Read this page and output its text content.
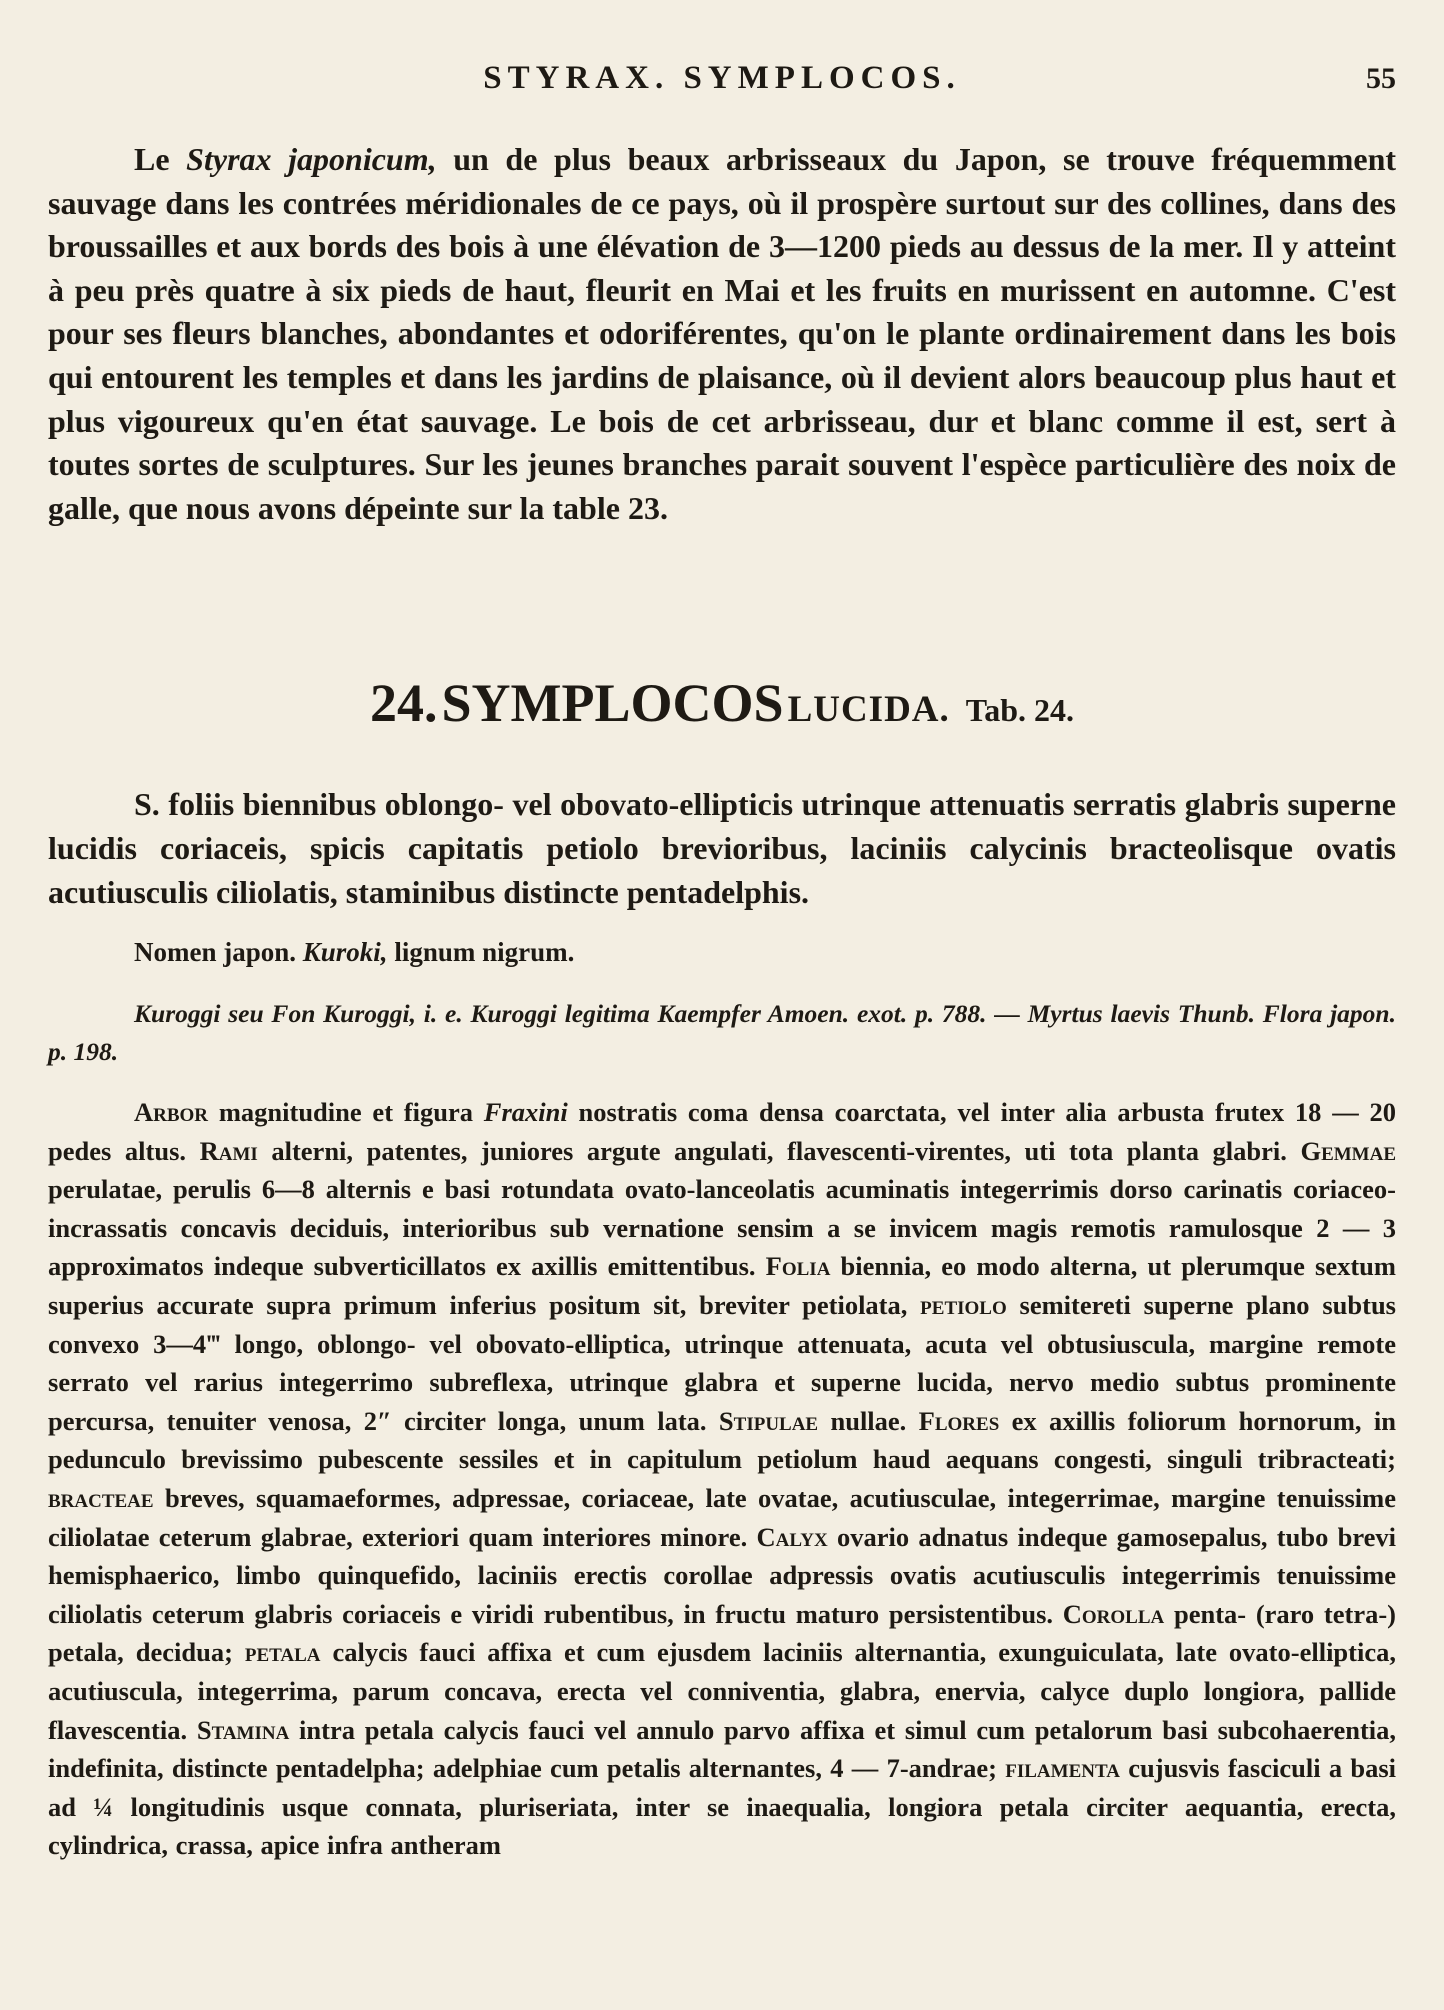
STYRAX. SYMPLOCOS.	55

Le Styrax japonicum, un de plus beaux arbrisseaux du Japon, se trouve fréquemment sauvage dans les contrées méridionales de ce pays, où il prospère surtout sur des collines, dans des broussailles et aux bords des bois à une élévation de 3—1200 pieds au dessus de la mer. Il y atteint à peu près quatre à six pieds de haut, fleurit en Mai et les fruits en murissent en automne. C'est pour ses fleurs blanches, abondantes et odoriférentes, qu'on le plante ordinairement dans les bois qui entourent les temples et dans les jardins de plaisance, où il devient alors beaucoup plus haut et plus vigoureux qu'en état sauvage. Le bois de cet arbrisseau, dur et blanc comme il est, sert à toutes sortes de sculptures. Sur les jeunes branches parait souvent l'espèce particulière des noix de galle, que nous avons dépeinte sur la table 23.

24. SYMPLOCOS LUCIDA. Tab. 24.

S. foliis biennibus oblongo- vel obovato-ellipticis utrinque attenuatis serratis glabris superne lucidis coriaceis, spicis capitatis petiolo brevioribus, laciniis calycinis bracteolisque ovatis acutiusculis ciliolatis, staminibus distincte pentadelphis.

Nomen japon. Kuroki, lignum nigrum.

Kuroggi seu Fon Kuroggi, i. e. Kuroggi legitima Kaempfer Amoen. exot. p. 788. — Myrtus laevis Thunb. Flora japon. p. 198.

Arbor magnitudine et figura Fraxini nostratis coma densa coarctata, vel inter alia arbusta frutex 18 — 20 pedes altus. Rami alterni, patentes, juniores argute angulati, flavescenti-virentes, uti tota planta glabri. Gemmae perulatae, perulis 6—8 alternis e basi rotundata ovato-lanceolatis acuminatis integerrimis dorso carinatis coriaceo-incrassatis concavis deciduis, interioribus sub vernatione sensim a se invicem magis remotis ramulosque 2 — 3 approximatos indeque subverticillatos ex axillis emittentibus. Folia biennia, eo modo alterna, ut plerumque sextum superius accurate supra primum inferius positum sit, breviter petiolata, petiolo semitereti superne plano subtus convexo 3—4‴ longo, oblongo- vel obovato-elliptica, utrinque attenuata, acuta vel obtusiuscula, margine remote serrato vel rarius integerrimo subreflexa, utrinque glabra et superne lucida, nervo medio subtus prominente percursa, tenuiter venosa, 2″ circiter longa, unum lata. Stipulae nullae. Flores ex axillis foliorum hornorum, in pedunculo brevissimo pubescente sessiles et in capitulum petiolum haud aequans congesti, singuli tribracteati; bracteae breves, squamaeformes, adpressae, coriaceae, late ovatae, acutiusculae, integerrimae, margine tenuissime ciliolatae ceterum glabrae, exteriori quam interiores minore. Calyx ovario adnatus indeque gamosepalus, tubo brevi hemisphaerico, limbo quinquefido, laciniis erectis corollae adpressis ovatis acutiusculis integerrimis tenuissime ciliolatis ceterum glabris coriaceis e viridi rubentibus, in fructu maturo persistentibus. Corolla penta- (raro tetra-) petala, decidua; petala calycis fauci affixa et cum ejusdem laciniis alternantia, exunguiculata, late ovato-elliptica, acutiuscula, integerrima, parum concava, erecta vel conniventia, glabra, enervia, calyce duplo longiora, pallide flavescentia. Stamina intra petala calycis fauci vel annulo parvo affixa et simul cum petalorum basi subcohaerentia, indefinita, distincte pentadelpha; adelphiae cum petalis alternantes, 4 — 7-andrae; filamenta cujusvis fasciculi a basi ad ¼ longitudinis usque connata, pluriseriata, inter se inaequalia, longiora petala circiter aequantia, erecta, cylindrica, crassa, apice infra antheram
